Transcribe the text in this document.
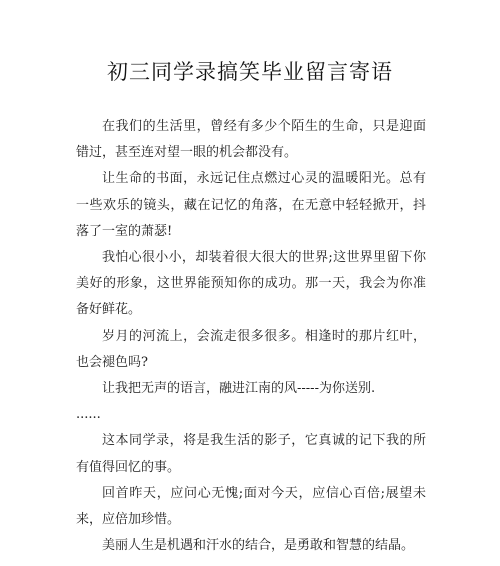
初三同学录搞笑毕业留言寄语

在我们的生活里，曾经有多少个陌生的生命，只是迎面错过，甚至连对望一眼的机会都没有。

让生命的书面，永远记住点燃过心灵的温暖阳光。总有一些欢乐的镜头，藏在记忆的角落，在无意中轻轻掀开，抖落了一室的萧瑟!

我怕心很小小，却装着很大很大的世界;这世界里留下你美好的形象，这世界能预知你的成功。那一天，我会为你准备好鲜花。

岁月的河流上，会流走很多很多。相逢时的那片红叶，也会褪色吗?

让我把无声的语言，融进江南的风-----为你送别.

......

这本同学录，将是我生活的影子，它真诚的记下我的所有值得回忆的事。

回首昨天，应问心无愧;面对今天，应信心百倍;展望未来，应倍加珍惜。

美丽人生是机遇和汗水的结合，是勇敢和智慧的结晶。
